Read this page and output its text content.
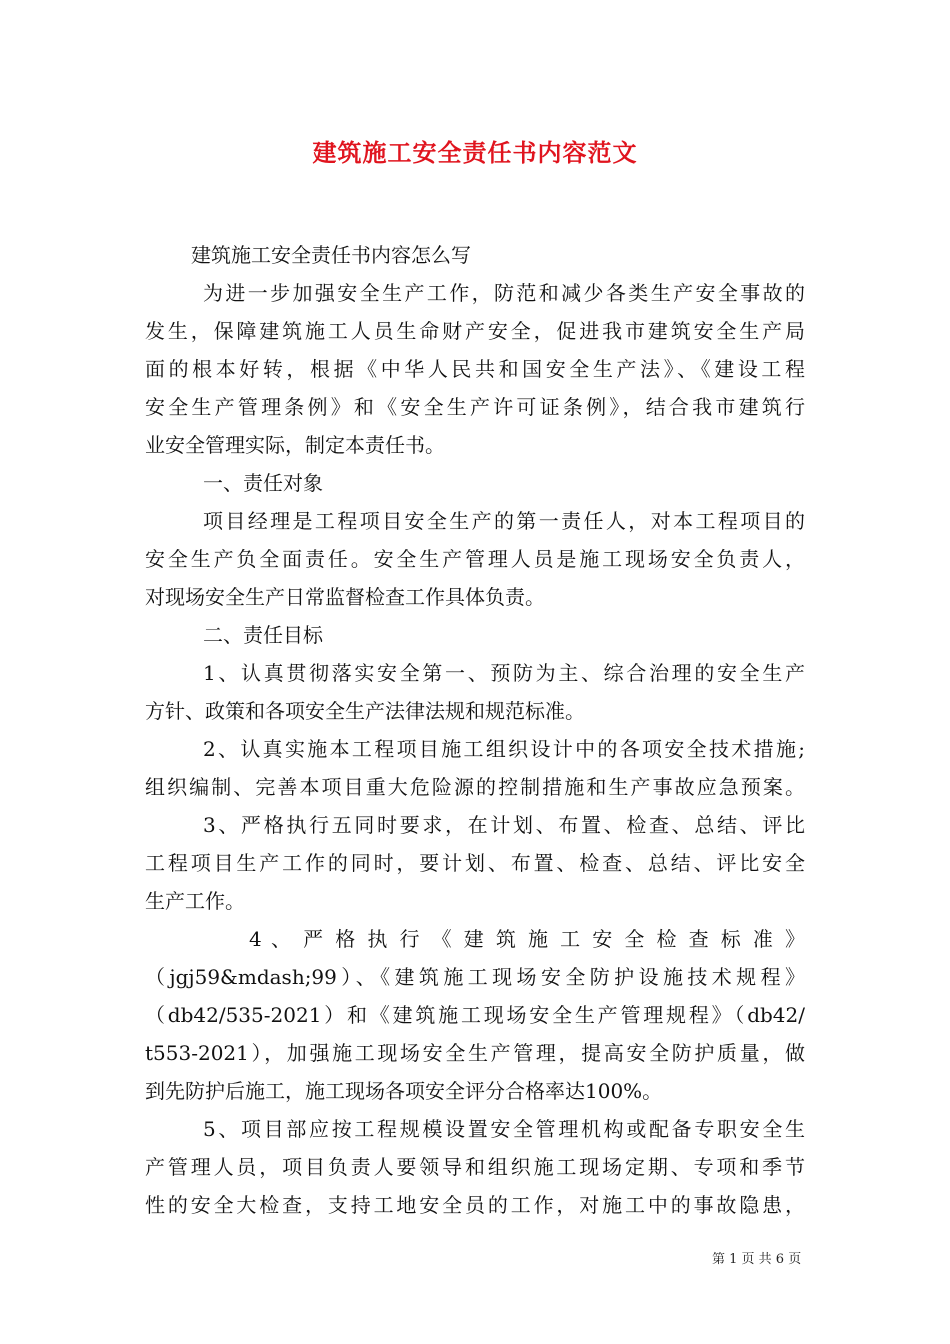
建筑施工安全责任书内容范文
建筑施工安全责任书内容怎么写
为进一步加强安全生产工作，防范和减少各类生产安全事故的
发生，保障建筑施工人员生命财产安全，促进我市建筑安全生产局
面的根本好转，根据《中华人民共和国安全生产法》、《建设工程
安全生产管理条例》和《安全生产许可证条例》，结合我市建筑行
业安全管理实际，制定本责任书。
一、责任对象
项目经理是工程项目安全生产的第一责任人，对本工程项目的
安全生产负全面责任。安全生产管理人员是施工现场安全负责人，
对现场安全生产日常监督检查工作具体负责。
二、责任目标
1、认真贯彻落实安全第一、预防为主、综合治理的安全生产
方针、政策和各项安全生产法律法规和规范标准。
2、认真实施本工程项目施工组织设计中的各项安全技术措施;
组织编制、完善本项目重大危险源的控制措施和生产事故应急预案。
3、严格执行五同时要求，在计划、布置、检查、总结、评比
工程项目生产工作的同时，要计划、布置、检查、总结、评比安全
生产工作。
4 、 严 格 执 行 《 建 筑 施 工 安 全 检 查 标 准 》
（jgj59&mdash;99）、《建筑施工现场安全防护设施技术规程》
（db42/535-2021）和《建筑施工现场安全生产管理规程》（db42/
t553-2021），加强施工现场安全生产管理，提高安全防护质量，做
到先防护后施工，施工现场各项安全评分合格率达100%。
5、项目部应按工程规模设置安全管理机构或配备专职安全生
产管理人员，项目负责人要领导和组织施工现场定期、专项和季节
性的安全大检查，支持工地安全员的工作，对施工中的事故隐患，
第 1 页 共 6 页
